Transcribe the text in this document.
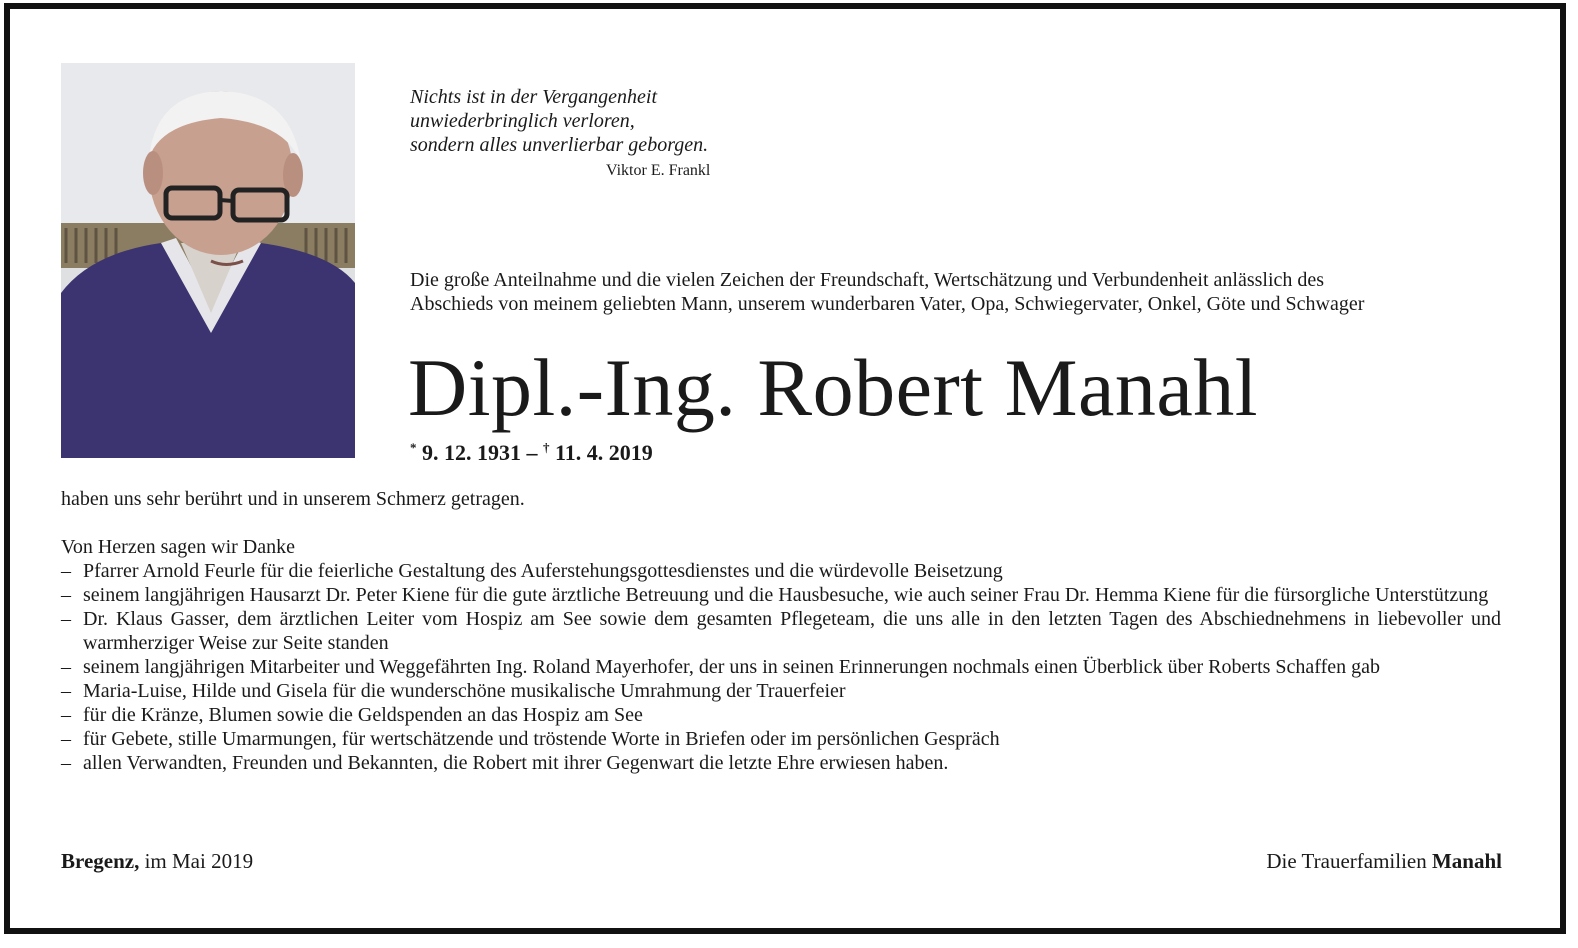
Nichts ist in der Vergangenheit
unwiederbringlich verloren,
sondern alles unverlierbar geborgen.
Viktor E. Frankl
Die große Anteilnahme und die vielen Zeichen der Freundschaft, Wertschätzung und Verbundenheit anlässlich des
Abschieds von meinem geliebten Mann, unserem wunderbaren Vater, Opa, Schwiegervater, Onkel, Göte und Schwager
Dipl.-Ing. Robert Manahl
* 9. 12. 1931 – † 11. 4. 2019

haben uns sehr berührt und in unserem Schmerz getragen.

Von Herzen sagen wir Danke

– Pfarrer Arnold Feurle für die feierliche Gestaltung des Auferstehungsgottesdienstes und die würdevolle Beisetzung
– seinem langjährigen Hausarzt Dr. Peter Kiene für die gute ärztliche Betreuung und die Hausbesuche, wie auch seiner Frau Dr. Hemma Kiene für die fürsorgliche Unterstützung
– Dr. Klaus Gasser, dem ärztlichen Leiter vom Hospiz am See sowie dem gesamten Pflegeteam, die uns alle in den letzten Tagen des Abschiednehmens in liebevoller und warmherziger Weise zur Seite standen
– seinem langjährigen Mitarbeiter und Weggefährten Ing. Roland Mayerhofer, der uns in seinen Erinnerungen nochmals einen Überblick über Roberts Schaffen gab
– Maria-Luise, Hilde und Gisela für die wunderschöne musikalische Umrahmung der Trauerfeier
– für die Kränze, Blumen sowie die Geldspenden an das Hospiz am See
– für Gebete, stille Umarmungen, für wertschätzende und tröstende Worte in Briefen oder im persönlichen Gespräch
– allen Verwandten, Freunden und Bekannten, die Robert mit ihrer Gegenwart die letzte Ehre erwiesen haben.
Bregenz, im Mai 2019	Die Trauerfamilien Manahl
